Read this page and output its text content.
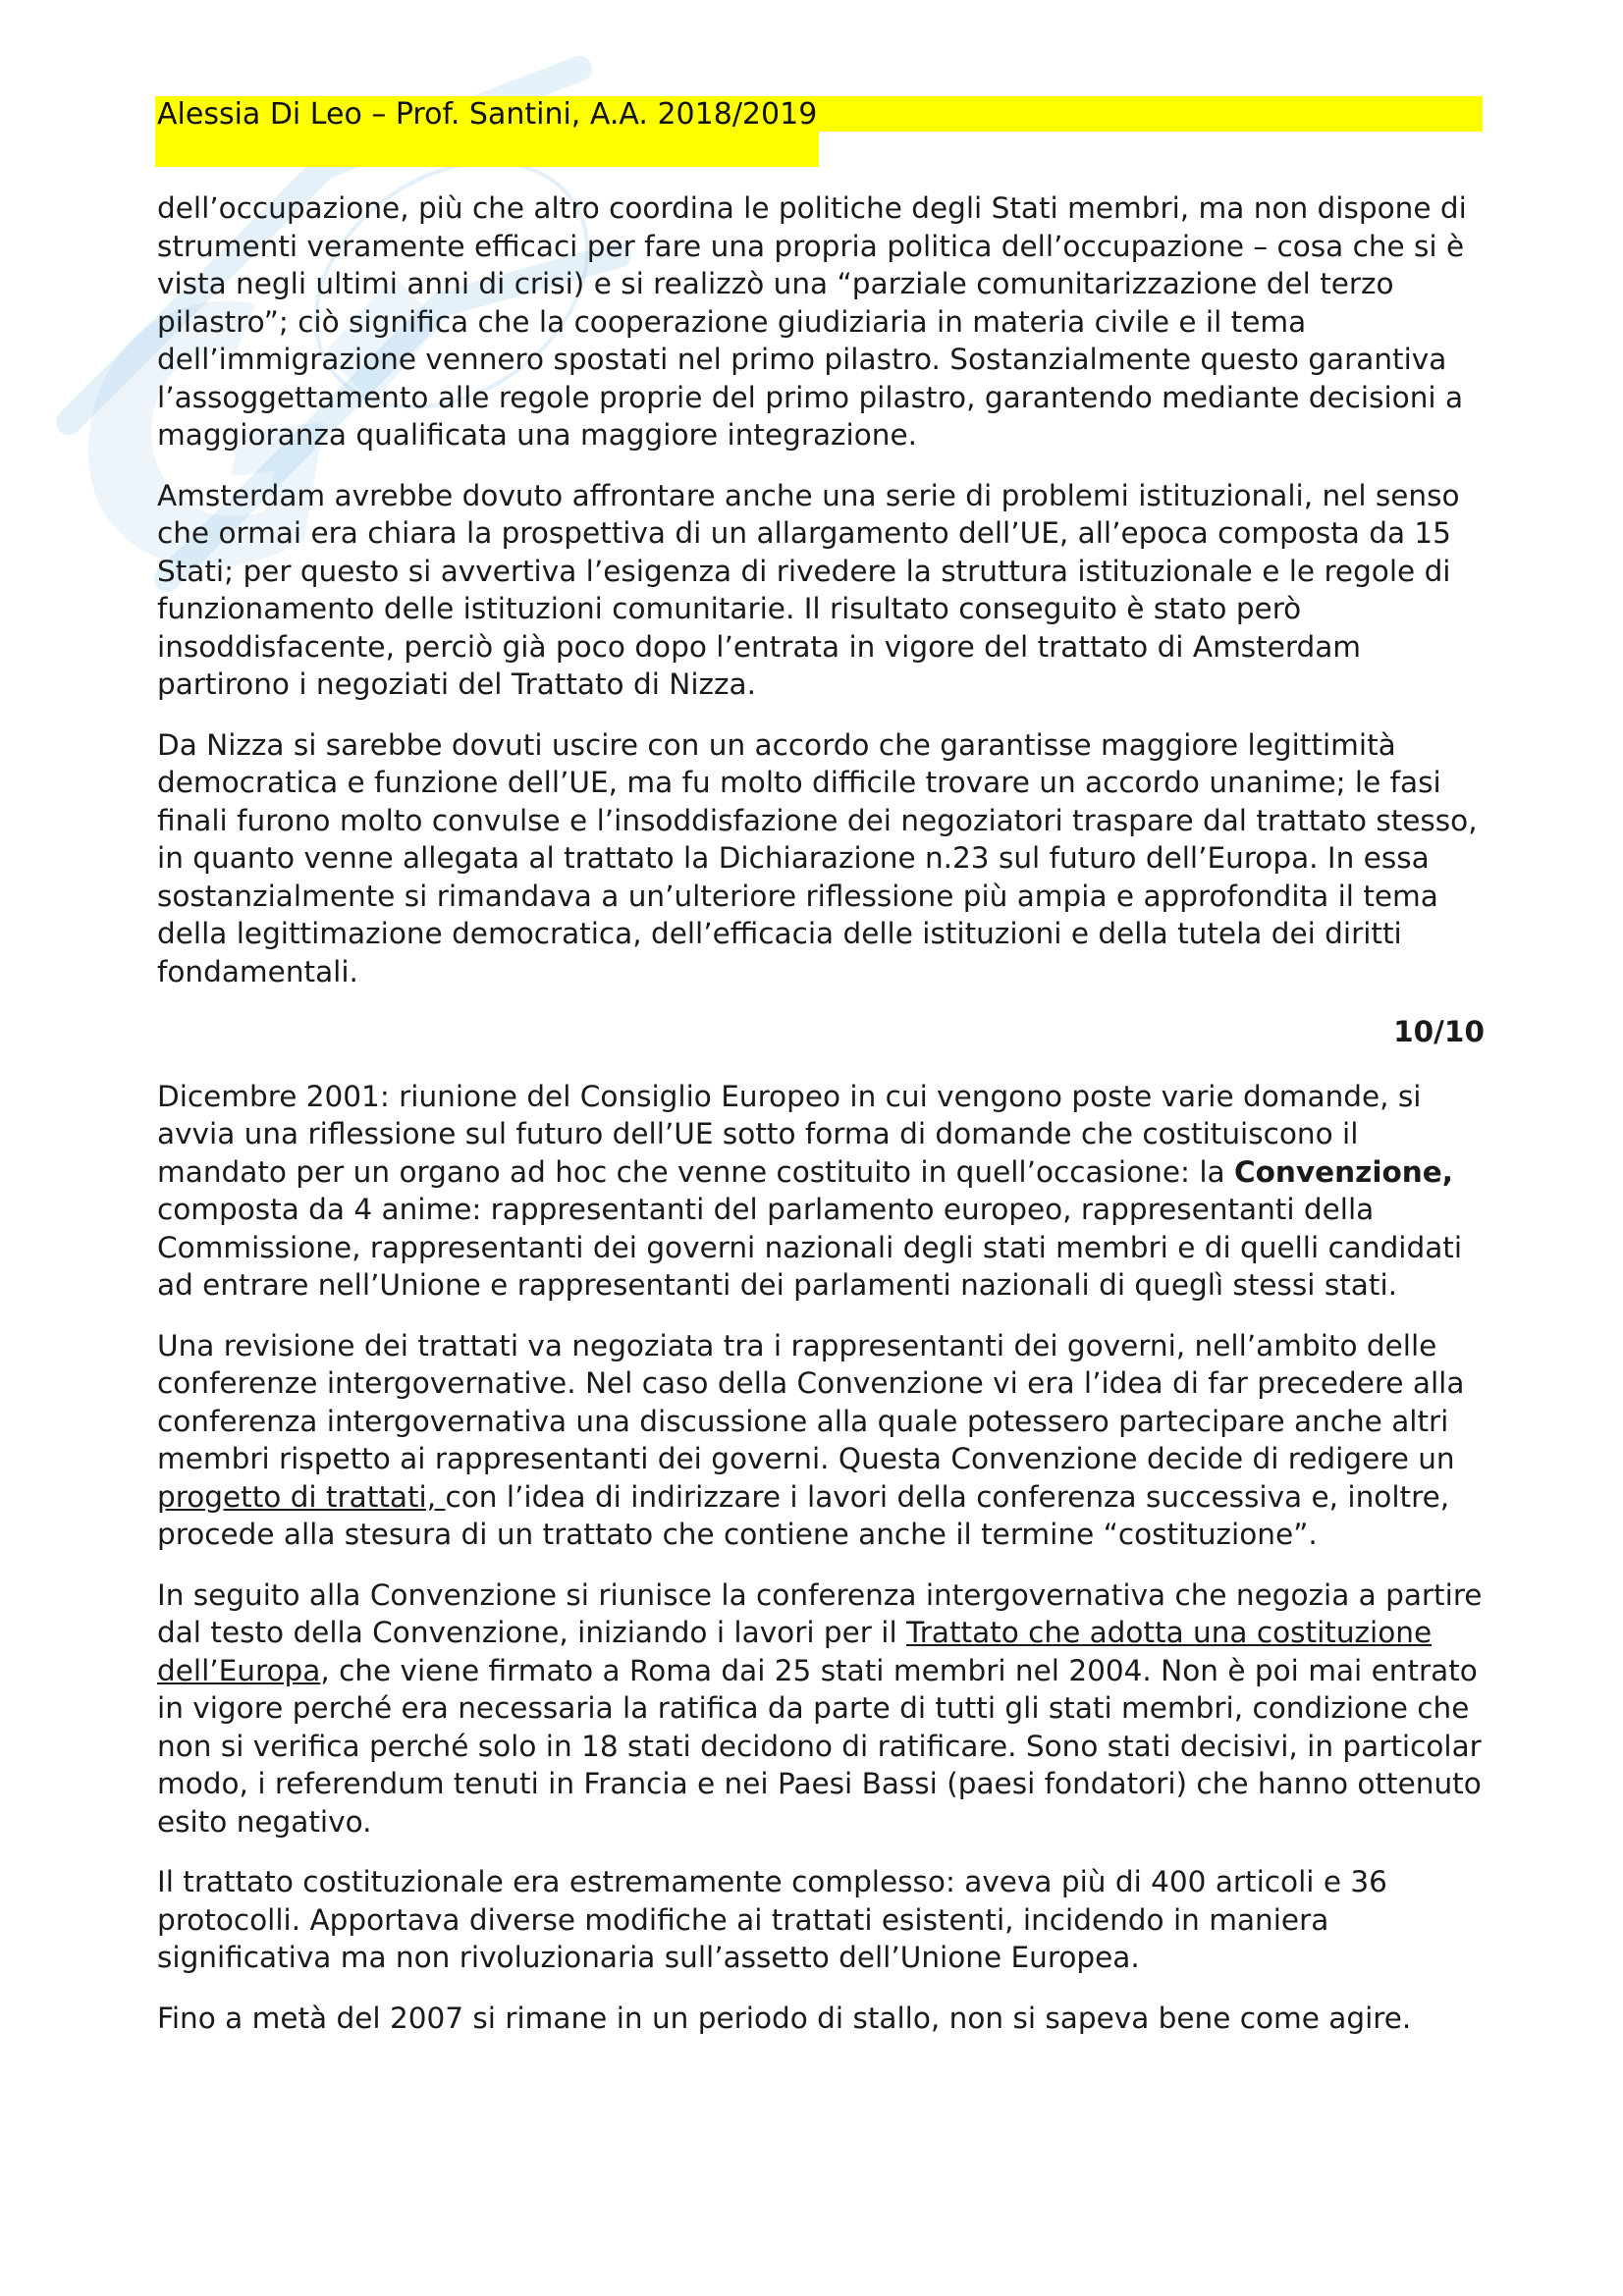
Alessia Di Leo – Prof. Santini, A.A. 2018/2019

dell’occupazione, più che altro coordina le politiche degli Stati membri, ma non dispone di strumenti veramente efficaci per fare una propria politica dell’occupazione – cosa che si è vista negli ultimi anni di crisi) e si realizzò una “parziale comunitarizzazione del terzo pilastro”; ciò significa che la cooperazione giudiziaria in materia civile e il tema dell’immigrazione vennero spostati nel primo pilastro. Sostanzialmente questo garantiva l’assoggettamento alle regole proprie del primo pilastro, garantendo mediante decisioni a maggioranza qualificata una maggiore integrazione.

Amsterdam avrebbe dovuto affrontare anche una serie di problemi istituzionali, nel senso che ormai era chiara la prospettiva di un allargamento dell’UE, all’epoca composta da 15 Stati; per questo si avvertiva l’esigenza di rivedere la struttura istituzionale e le regole di funzionamento delle istituzioni comunitarie. Il risultato conseguito è stato però insoddisfacente, perciò già poco dopo l’entrata in vigore del trattato di Amsterdam partirono i negoziati del Trattato di Nizza.

Da Nizza si sarebbe dovuti uscire con un accordo che garantisse maggiore legittimità democratica e funzione dell’UE, ma fu molto difficile trovare un accordo unanime; le fasi finali furono molto convulse e l’insoddisfazione dei negoziatori traspare dal trattato stesso, in quanto venne allegata al trattato la Dichiarazione n.23 sul futuro dell’Europa. In essa sostanzialmente si rimandava a un’ulteriore riflessione più ampia e approfondita il tema della legittimazione democratica, dell’efficacia delle istituzioni e della tutela dei diritti fondamentali.

10/10

Dicembre 2001: riunione del Consiglio Europeo in cui vengono poste varie domande, si avvia una riflessione sul futuro dell’UE sotto forma di domande che costituiscono il mandato per un organo ad hoc che venne costituito in quell’occasione: la Convenzione, composta da 4 anime: rappresentanti del parlamento europeo, rappresentanti della Commissione, rappresentanti dei governi nazionali degli stati membri e di quelli candidati ad entrare nell’Unione e rappresentanti dei parlamenti nazionali di queglì stessi stati.

Una revisione dei trattati va negoziata tra i rappresentanti dei governi, nell’ambito delle conferenze intergovernative. Nel caso della Convenzione vi era l’idea di far precedere alla conferenza intergovernativa una discussione alla quale potessero partecipare anche altri membri rispetto ai rappresentanti dei governi. Questa Convenzione decide di redigere un progetto di trattati, con l’idea di indirizzare i lavori della conferenza successiva e, inoltre, procede alla stesura di un trattato che contiene anche il termine “costituzione”.

In seguito alla Convenzione si riunisce la conferenza intergovernativa che negozia a partire dal testo della Convenzione, iniziando i lavori per il Trattato che adotta una costituzione dell’Europa, che viene firmato a Roma dai 25 stati membri nel 2004. Non è poi mai entrato in vigore perché era necessaria la ratifica da parte di tutti gli stati membri, condizione che non si verifica perché solo in 18 stati decidono di ratificare. Sono stati decisivi, in particolar modo, i referendum tenuti in Francia e nei Paesi Bassi (paesi fondatori) che hanno ottenuto esito negativo.

Il trattato costituzionale era estremamente complesso: aveva più di 400 articoli e 36 protocolli. Apportava diverse modifiche ai trattati esistenti, incidendo in maniera significativa ma non rivoluzionaria sull’assetto dell’Unione Europea.

Fino a metà del 2007 si rimane in un periodo di stallo, non si sapeva bene come agire.
